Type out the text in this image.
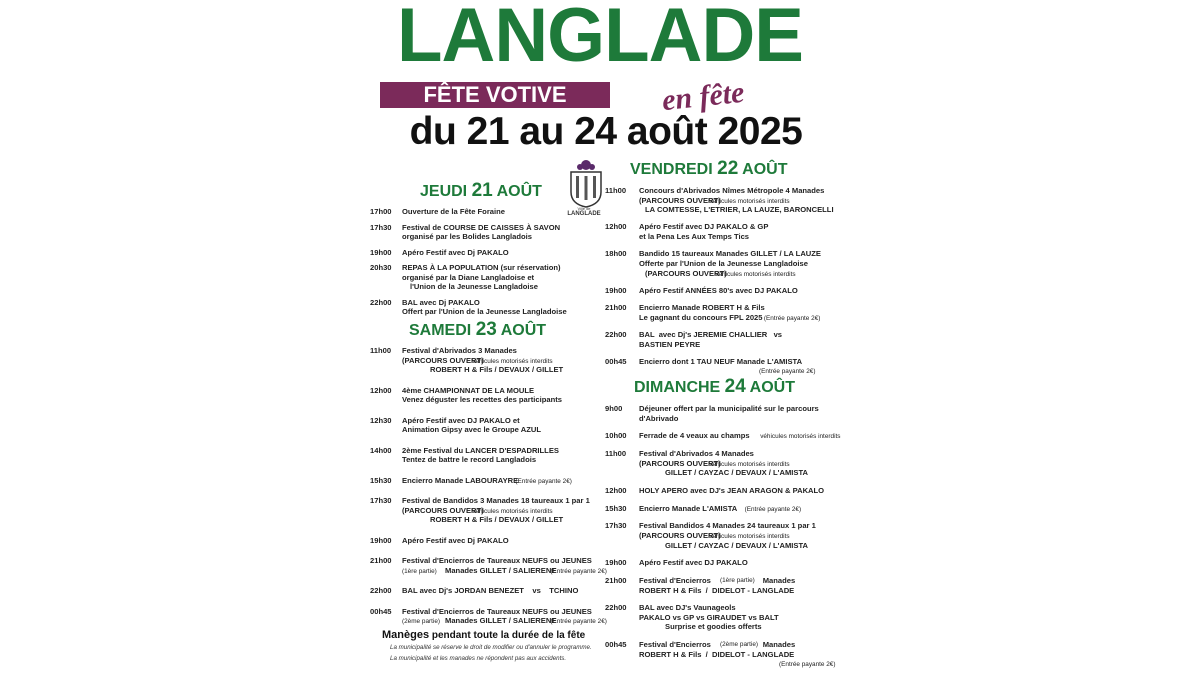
LANGLADE
FÊTE VOTIVE	en fête
du 21 au 24 août 2025
Ville de
LANGLADE
JEUDI 21 AOÛT
VENDREDI 22 AOÛT
SAMEDI 23 AOÛT
DIMANCHE 24 AOÛT
17h00 Ouverture de la Fête Foraine
17h30 Festival de COURSE DE CAISSES À SAVON
organisé par les Bolides Langladois
19h00 Apéro Festif avec Dj PAKALO
20h30 REPAS À LA POPULATION (sur réservation)
organisé par la Diane Langladoise et
l'Union de la Jeunesse Langladoise
22h00 BAL avec Dj PAKALO
Offert par l'Union de la Jeunesse Langladoise
11h00 Festival d'Abrivados 3 Manades
(PARCOURS OUVERT)
véhicules motorisés interdits
ROBERT H & Fils / DEVAUX / GILLET
12h00 4ème CHAMPIONNAT DE LA MOULE
Venez déguster les recettes des participants
12h30 Apéro Festif avec DJ PAKALO et
Animation Gipsy avec le Groupe AZUL
14h00 2ème Festival du LANCER D'ESPADRILLES
Tentez de battre le record Langladois
15h30 Encierro Manade LABOURAYRE
(Entrée payante 2€)
17h30 Festival de Bandidos 3 Manades 18 taureaux 1 par 1
(PARCOURS OUVERT)
véhicules motorisés interdits
ROBERT H & Fils / DEVAUX / GILLET
19h00 Apéro Festif avec Dj PAKALO
21h00 Festival d'Encierros de Taureaux NEUFS ou JEUNES
(1ère partie) Manades GILLET / SALIERENE
(Entrée payante 2€)
22h00 BAL avec Dj's JORDAN BENEZET    vs    TCHINO
00h45 Festival d'Encierros de Taureaux NEUFS ou JEUNES
(2ème partie) Manades GILLET / SALIERENE
(Entrée payante 2€)
11h00 Concours d'Abrivados Nîmes Métropole 4 Manades
(PARCOURS OUVERT)
véhicules motorisés interdits
LA COMTESSE, L'ETRIER, LA LAUZE, BARONCELLI
12h00 Apéro Festif avec DJ PAKALO & GP
et la Pena Les Aux Temps Tics
18h00 Bandido 15 taureaux Manades GILLET / LA LAUZE
Offerte par l'Union de la Jeunesse Langladoise
(PARCOURS OUVERT)
véhicules motorisés interdits
19h00 Apéro Festif ANNÉES 80's avec DJ PAKALO
21h00 Encierro Manade ROBERT H & Fils
Le gagnant du concours FPL 2025 (Entrée payante 2€)
22h00 BAL  avec Dj's JEREMIE CHALLIER   vs
BASTIEN PEYRE
00h45 Encierro dont 1 TAU NEUF Manade L'AMISTA
(Entrée payante 2€)
9h00 Déjeuner offert par la municipalité sur le parcours
d'Abrivado
10h00 Ferrade de 4 veaux au champs véhicules motorisés interdits
11h00 Festival d'Abrivados 4 Manades
(PARCOURS OUVERT)
véhicules motorisés interdits
GILLET / CAYZAC / DEVAUX / L'AMISTA
12h00 HOLY APERO avec DJ's JEAN ARAGON & PAKALO
15h30 Encierro Manade L'AMISTA (Entrée payante 2€)
17h30 Festival Bandidos 4 Manades 24 taureaux 1 par 1
(PARCOURS OUVERT)
véhicules motorisés interdits
GILLET / CAYZAC / DEVAUX / L'AMISTA
19h00 Apéro Festif avec DJ PAKALO
21h00 Festival d'Encierros (1ère partie) Manades
ROBERT H & Fils  /  DIDELOT - LANGLADE
22h00 BAL avec DJ's Vaunageols
PAKALO vs GP vs GIRAUDET vs BALT
Surprise et goodies offerts
00h45 Festival d'Encierros (2ème partie) Manades
ROBERT H & Fils  /  DIDELOT - LANGLADE
(Entrée payante 2€)
Manèges pendant toute la durée de la fête
La municipalité se réserve le droit de modifier ou d'annuler le programme.
La municipalité et les manades ne répondent pas aux accidents.
